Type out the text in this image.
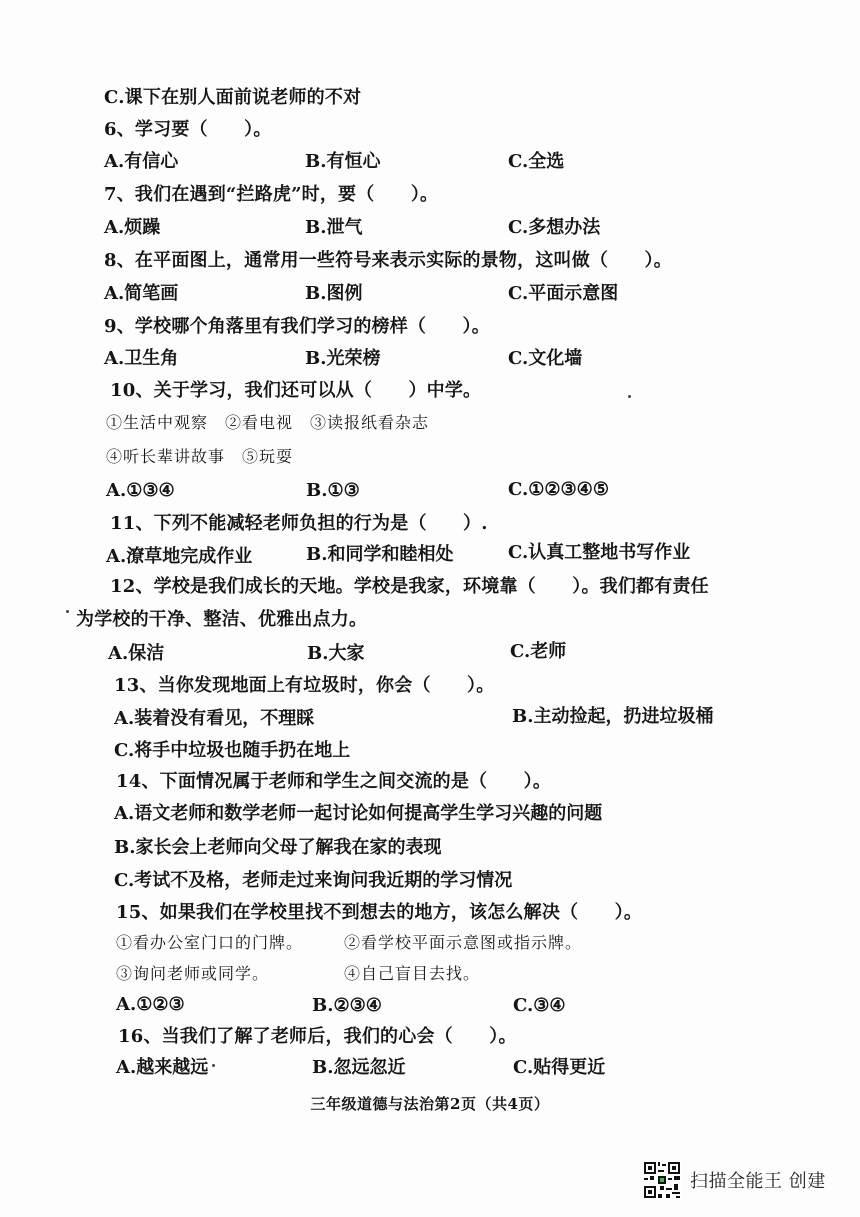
C.课下在别人面前说老师的不对
6、学习要（　　）。
A.有信心	B.有恒心	C.全选
7、我们在遇到“拦路虎”时，要（　　）。
A.烦躁	B.泄气	C.多想办法
8、在平面图上，通常用一些符号来表示实际的景物，这叫做（　　）。
A.简笔画	B.图例	C.平面示意图
9、学校哪个角落里有我们学习的榜样（　　）。
A.卫生角	B.光荣榜	C.文化墙
10、关于学习，我们还可以从（　　）中学。
①生活中观察　②看电视　③读报纸看杂志
④听长辈讲故事　⑤玩耍
A.①③④	B.①③	C.①②③④⑤
11、下列不能减轻老师负担的行为是（　　）.
A.潦草地完成作业	B.和同学和睦相处	C.认真工整地书写作业
12、学校是我们成长的天地。学校是我家，环境靠（　　）。我们都有责任
为学校的干净、整洁、优雅出点力。
A.保洁	B.大家	C.老师
13、当你发现地面上有垃圾时，你会（　　）。
A.装着没有看见，不理睬	B.主动捡起，扔进垃圾桶
C.将手中垃圾也随手扔在地上
14、下面情况属于老师和学生之间交流的是（　　）。
A.语文老师和数学老师一起讨论如何提高学生学习兴趣的问题
B.家长会上老师向父母了解我在家的表现
C.考试不及格，老师走过来询问我近期的学习情况
15、如果我们在学校里找不到想去的地方，该怎么解决（　　）。
①看办公室门口的门牌。	②看学校平面示意图或指示牌。
③询问老师或同学。	④自己盲目去找。
A.①②③	B.②③④	C.③④
16、当我们了解了老师后，我们的心会（　　）。
A.越来越远	B.忽远忽近	C.贴得更近
三年级道德与法治第2页（共4页）
扫描全能王 创建
